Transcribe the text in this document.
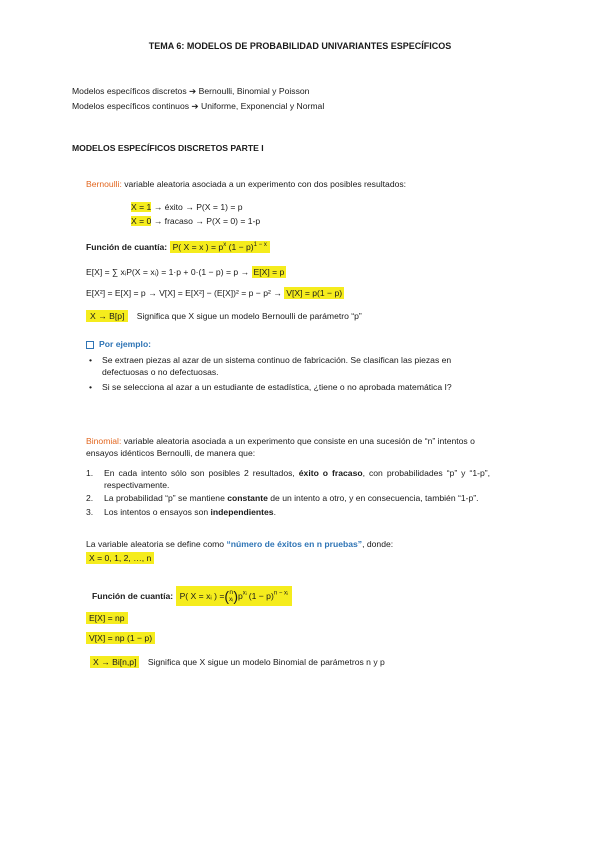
TEMA 6: MODELOS DE PROBABILIDAD UNIVARIANTES ESPECÍFICOS
Modelos específicos discretos ➔ Bernoulli, Binomial y Poisson
Modelos específicos continuos ➔ Uniforme, Exponencial y Normal
MODELOS ESPECÍFICOS DISCRETOS PARTE I
Bernoulli: variable aleatoria asociada a un experimento con dos posibles resultados:
X = 1 → éxito → P(X = 1) = p
X = 0 → fracaso → P(X = 0) = 1-p
Función de cuantía: P( X = x ) = $p^x$ $(1 - p)^{1 - x}$
E[X] = ∑ xᵢP(X = xᵢ) = 1·p + 0·(1 − p) = p → E[X] = p
E[X²] = E[X] = p → V[X] = E[X²] − (E[X])² = p − p² → V[X] = p(1 − p)
X → B[p] Significa que X sigue un modelo Bernoulli de parámetro “p”
Por ejemplo:
• Se extraen piezas al azar de un sistema continuo de fabricación. Se clasifican las piezas en defectuosas o no defectuosas.
• Si se selecciona al azar a un estudiante de estadística, ¿tiene o no aprobada matemática I?
Binomial: variable aleatoria asociada a un experimento que consiste en una sucesión de “n” intentos o ensayos idénticos Bernoulli, de manera que:
1. En cada intento sólo son posibles 2 resultados, éxito o fracaso, con probabilidades “p” y “1-p”, respectivamente.
2. La probabilidad “p” se mantiene constante de un intento a otro, y en consecuencia, también “1-p”.
3. Los intentos o ensayos son independientes.
La variable aleatoria se define como “número de éxitos en n pruebas”, donde:
X = 0, 1, 2, …, n
Función de cuantía: P( X = xᵢ ) =(n
$xᵢ)p^{xᵢ}$ $(1 - p)^{n - xᵢ}$
E[X] = np
V[X] = np (1 − p)
X → Bi[n,p] Significa que X sigue un modelo Binomial de parámetros n y p
